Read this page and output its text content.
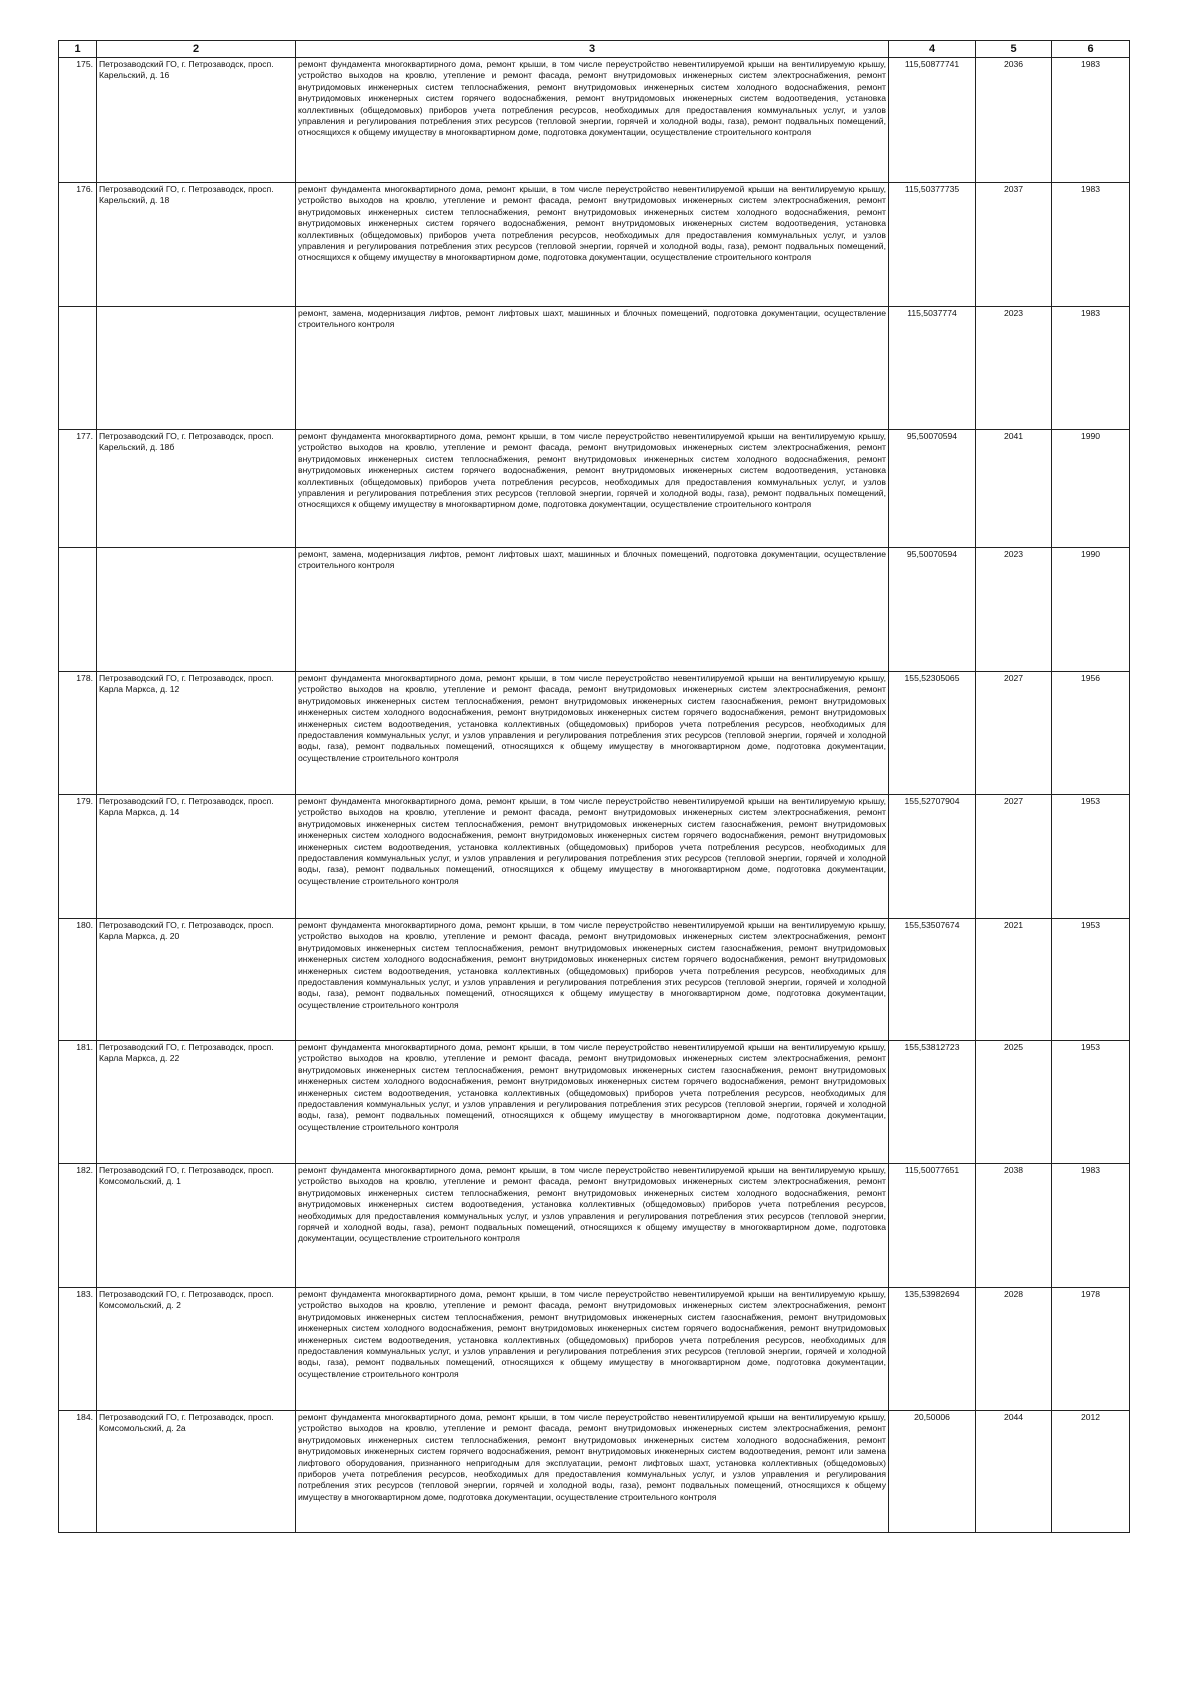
1	2	3	4	5	6
175.	Петрозаводский ГО, г. Петрозаводск, просп. Карельский, д. 16	ремонт фундамента многоквартирного дома, ремонт крыши, в том числе переустройство невентилируемой крыши на вентилируемую крышу, устройство выходов на кровлю, утепление и ремонт фасада, ремонт внутридомовых инженерных систем электроснабжения, ремонт внутридомовых инженерных систем теплоснабжения, ремонт внутридомовых инженерных систем холодного водоснабжения, ремонт внутридомовых инженерных систем горячего водоснабжения, ремонт внутридомовых инженерных систем водоотведения, установка коллективных (общедомовых) приборов учета потребления ресурсов, необходимых для предоставления коммунальных услуг, и узлов управления и регулирования потребления этих ресурсов (тепловой энергии, горячей и холодной воды, газа), ремонт подвальных помещений, относящихся к общему имуществу в многоквартирном доме, подготовка документации, осуществление строительного контроля	115,50877741	2036	1983
176.	Петрозаводский ГО, г. Петрозаводск, просп. Карельский, д. 18	ремонт фундамента многоквартирного дома, ремонт крыши, в том числе переустройство невентилируемой крыши на вентилируемую крышу, устройство выходов на кровлю, утепление и ремонт фасада, ремонт внутридомовых инженерных систем электроснабжения, ремонт внутридомовых инженерных систем теплоснабжения, ремонт внутридомовых инженерных систем холодного водоснабжения, ремонт внутридомовых инженерных систем горячего водоснабжения, ремонт внутридомовых инженерных систем водоотведения, установка коллективных (общедомовых) приборов учета потребления ресурсов, необходимых для предоставления коммунальных услуг, и узлов управления и регулирования потребления этих ресурсов (тепловой энергии, горячей и холодной воды, газа), ремонт подвальных помещений, относящихся к общему имуществу в многоквартирном доме, подготовка документации, осуществление строительного контроля	115,50377735	2037	1983
		ремонт, замена, модернизация лифтов, ремонт лифтовых шахт, машинных и блочных помещений, подготовка документации, осуществление строительного контроля	115,5037774	2023	1983
177.	Петрозаводский ГО, г. Петрозаводск, просп. Карельский, д. 18б	ремонт фундамента многоквартирного дома, ремонт крыши, в том числе переустройство невентилируемой крыши на вентилируемую крышу, устройство выходов на кровлю, утепление и ремонт фасада, ремонт внутридомовых инженерных систем электроснабжения, ремонт внутридомовых инженерных систем теплоснабжения, ремонт внутридомовых инженерных систем холодного водоснабжения, ремонт внутридомовых инженерных систем горячего водоснабжения, ремонт внутридомовых инженерных систем водоотведения, установка коллективных (общедомовых) приборов учета потребления ресурсов, необходимых для предоставления коммунальных услуг, и узлов управления и регулирования потребления этих ресурсов (тепловой энергии, горячей и холодной воды, газа), ремонт подвальных помещений, относящихся к общему имуществу в многоквартирном доме, подготовка документации, осуществление строительного контроля	95,50070594	2041	1990
		ремонт, замена, модернизация лифтов, ремонт лифтовых шахт, машинных и блочных помещений, подготовка документации, осуществление строительного контроля	95,50070594	2023	1990
178.	Петрозаводский ГО, г. Петрозаводск, просп. Карла Маркса, д. 12	ремонт фундамента многоквартирного дома, ремонт крыши, в том числе переустройство невентилируемой крыши на вентилируемую крышу, устройство выходов на кровлю, утепление и ремонт фасада, ремонт внутридомовых инженерных систем электроснабжения, ремонт внутридомовых инженерных систем теплоснабжения, ремонт внутридомовых инженерных систем газоснабжения, ремонт внутридомовых инженерных систем холодного водоснабжения, ремонт внутридомовых инженерных систем горячего водоснабжения, ремонт внутридомовых инженерных систем водоотведения, установка коллективных (общедомовых) приборов учета потребления ресурсов, необходимых для предоставления коммунальных услуг, и узлов управления и регулирования потребления этих ресурсов (тепловой энергии, горячей и холодной воды, газа), ремонт подвальных помещений, относящихся к общему имуществу в многоквартирном доме, подготовка документации, осуществление строительного контроля	155,52305065	2027	1956
179.	Петрозаводский ГО, г. Петрозаводск, просп. Карла Маркса, д. 14	ремонт фундамента многоквартирного дома, ремонт крыши, в том числе переустройство невентилируемой крыши на вентилируемую крышу, устройство выходов на кровлю, утепление и ремонт фасада, ремонт внутридомовых инженерных систем электроснабжения, ремонт внутридомовых инженерных систем теплоснабжения, ремонт внутридомовых инженерных систем газоснабжения, ремонт внутридомовых инженерных систем холодного водоснабжения, ремонт внутридомовых инженерных систем горячего водоснабжения, ремонт внутридомовых инженерных систем водоотведения, установка коллективных (общедомовых) приборов учета потребления ресурсов, необходимых для предоставления коммунальных услуг, и узлов управления и регулирования потребления этих ресурсов (тепловой энергии, горячей и холодной воды, газа), ремонт подвальных помещений, относящихся к общему имуществу в многоквартирном доме, подготовка документации, осуществление строительного контроля	155,52707904	2027	1953
180.	Петрозаводский ГО, г. Петрозаводск, просп. Карла Маркса, д. 20	ремонт фундамента многоквартирного дома, ремонт крыши, в том числе переустройство невентилируемой крыши на вентилируемую крышу, устройство выходов на кровлю, утепление и ремонт фасада, ремонт внутридомовых инженерных систем электроснабжения, ремонт внутридомовых инженерных систем теплоснабжения, ремонт внутридомовых инженерных систем газоснабжения, ремонт внутридомовых инженерных систем холодного водоснабжения, ремонт внутридомовых инженерных систем горячего водоснабжения, ремонт внутридомовых инженерных систем водоотведения, установка коллективных (общедомовых) приборов учета потребления ресурсов, необходимых для предоставления коммунальных услуг, и узлов управления и регулирования потребления этих ресурсов (тепловой энергии, горячей и холодной воды, газа), ремонт подвальных помещений, относящихся к общему имуществу в многоквартирном доме, подготовка документации, осуществление строительного контроля	155,53507674	2021	1953
181.	Петрозаводский ГО, г. Петрозаводск, просп. Карла Маркса, д. 22	ремонт фундамента многоквартирного дома, ремонт крыши, в том числе переустройство невентилируемой крыши на вентилируемую крышу, устройство выходов на кровлю, утепление и ремонт фасада, ремонт внутридомовых инженерных систем электроснабжения, ремонт внутридомовых инженерных систем теплоснабжения, ремонт внутридомовых инженерных систем газоснабжения, ремонт внутридомовых инженерных систем холодного водоснабжения, ремонт внутридомовых инженерных систем горячего водоснабжения, ремонт внутридомовых инженерных систем водоотведения, установка коллективных (общедомовых) приборов учета потребления ресурсов, необходимых для предоставления коммунальных услуг, и узлов управления и регулирования потребления этих ресурсов (тепловой энергии, горячей и холодной воды, газа), ремонт подвальных помещений, относящихся к общему имуществу в многоквартирном доме, подготовка документации, осуществление строительного контроля	155,53812723	2025	1953
182.	Петрозаводский ГО, г. Петрозаводск, просп. Комсомольский, д. 1	ремонт фундамента многоквартирного дома, ремонт крыши, в том числе переустройство невентилируемой крыши на вентилируемую крышу, устройство выходов на кровлю, утепление и ремонт фасада, ремонт внутридомовых инженерных систем электроснабжения, ремонт внутридомовых инженерных систем теплоснабжения, ремонт внутридомовых инженерных систем холодного водоснабжения, ремонт внутридомовых инженерных систем водоотведения, установка коллективных (общедомовых) приборов учета потребления ресурсов, необходимых для предоставления коммунальных услуг, и узлов управления и регулирования потребления этих ресурсов (тепловой энергии, горячей и холодной воды, газа), ремонт подвальных помещений, относящихся к общему имуществу в многоквартирном доме, подготовка документации, осуществление строительного контроля	115,50077651	2038	1983
183.	Петрозаводский ГО, г. Петрозаводск, просп. Комсомольский, д. 2	ремонт фундамента многоквартирного дома, ремонт крыши, в том числе переустройство невентилируемой крыши на вентилируемую крышу, устройство выходов на кровлю, утепление и ремонт фасада, ремонт внутридомовых инженерных систем электроснабжения, ремонт внутридомовых инженерных систем теплоснабжения, ремонт внутридомовых инженерных систем газоснабжения, ремонт внутридомовых инженерных систем холодного водоснабжения, ремонт внутридомовых инженерных систем горячего водоснабжения, ремонт внутридомовых инженерных систем водоотведения, установка коллективных (общедомовых) приборов учета потребления ресурсов, необходимых для предоставления коммунальных услуг, и узлов управления и регулирования потребления этих ресурсов (тепловой энергии, горячей и холодной воды, газа), ремонт подвальных помещений, относящихся к общему имуществу в многоквартирном доме, подготовка документации, осуществление строительного контроля	135,53982694	2028	1978
184.	Петрозаводский ГО, г. Петрозаводск, просп. Комсомольский, д. 2а	ремонт фундамента многоквартирного дома, ремонт крыши, в том числе переустройство невентилируемой крыши на вентилируемую крышу, устройство выходов на кровлю, утепление и ремонт фасада, ремонт внутридомовых инженерных систем электроснабжения, ремонт внутридомовых инженерных систем теплоснабжения, ремонт внутридомовых инженерных систем холодного водоснабжения, ремонт внутридомовых инженерных систем горячего водоснабжения, ремонт внутридомовых инженерных систем водоотведения, ремонт или замена лифтового оборудования, признанного непригодным для эксплуатации, ремонт лифтовых шахт, установка коллективных (общедомовых) приборов учета потребления ресурсов, необходимых для предоставления коммунальных услуг, и узлов управления и регулирования потребления этих ресурсов (тепловой энергии, горячей и холодной воды, газа), ремонт подвальных помещений, относящихся к общему имуществу в многоквартирном доме, подготовка документации, осуществление строительного контроля	20,50006	2044	2012
